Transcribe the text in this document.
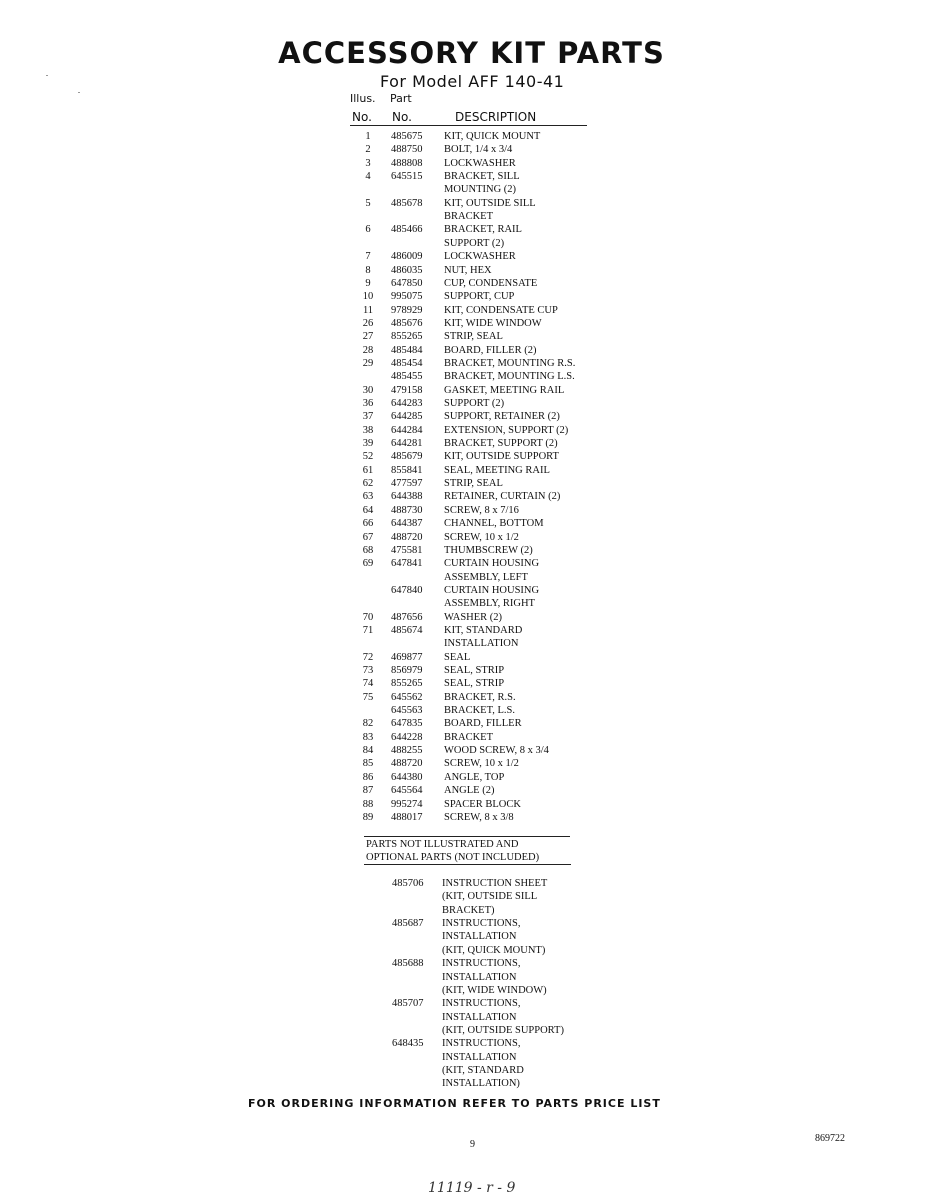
ACCESSORY KIT PARTS
For Model AFF 140-41
Illus. Part
No. No.	DESCRIPTION
1	485675 KIT, QUICK MOUNT
2	488750 BOLT, 1/4 x 3/4
3	488808 LOCKWASHER
4	645515 BRACKET, SILL
MOUNTING (2)
5	485678 KIT, OUTSIDE SILL
BRACKET
6	485466 BRACKET, RAIL
SUPPORT (2)
7	486009 LOCKWASHER
8	486035 NUT, HEX
9	647850 CUP, CONDENSATE
10	995075 SUPPORT, CUP
11	978929 KIT, CONDENSATE CUP
26	485676 KIT, WIDE WINDOW
27	855265 STRIP, SEAL
28	485484 BOARD, FILLER (2)
29	485454 BRACKET, MOUNTING R.S.
485455 BRACKET, MOUNTING L.S.
30	479158 GASKET, MEETING RAIL
36	644283 SUPPORT (2)
37	644285 SUPPORT, RETAINER (2)
38	644284 EXTENSION, SUPPORT (2)
39	644281 BRACKET, SUPPORT (2)
52	485679 KIT, OUTSIDE SUPPORT
61	855841 SEAL, MEETING RAIL
62	477597 STRIP, SEAL
63	644388 RETAINER, CURTAIN (2)
64	488730 SCREW, 8 x 7/16
66	644387 CHANNEL, BOTTOM
67	488720 SCREW, 10 x 1/2
68	475581 THUMBSCREW (2)
69	647841 CURTAIN HOUSING
ASSEMBLY, LEFT
647840 CURTAIN HOUSING
ASSEMBLY, RIGHT
70	487656 WASHER (2)
71	485674 KIT, STANDARD
INSTALLATION
72	469877 SEAL
73	856979 SEAL, STRIP
74	855265 SEAL, STRIP
75	645562 BRACKET, R.S.
645563 BRACKET, L.S.
82	647835 BOARD, FILLER
83	644228 BRACKET
84	488255 WOOD SCREW, 8 x 3/4
85	488720 SCREW, 10 x 1/2
86	644380 ANGLE, TOP
87	645564 ANGLE (2)
88	995274 SPACER BLOCK
89	488017 SCREW, 8 x 3/8
PARTS NOT ILLUSTRATED AND
OPTIONAL PARTS (NOT INCLUDED)
485706 INSTRUCTION SHEET
(KIT, OUTSIDE SILL
BRACKET)
485687 INSTRUCTIONS,
INSTALLATION
(KIT, QUICK MOUNT)
485688 INSTRUCTIONS,
INSTALLATION
(KIT, WIDE WINDOW)
485707 INSTRUCTIONS,
INSTALLATION
(KIT, OUTSIDE SUPPORT)
648435 INSTRUCTIONS,
INSTALLATION
(KIT, STANDARD
INSTALLATION)
FOR ORDERING INFORMATION REFER TO PARTS PRICE LIST
9
869722
11119 - r - 9
